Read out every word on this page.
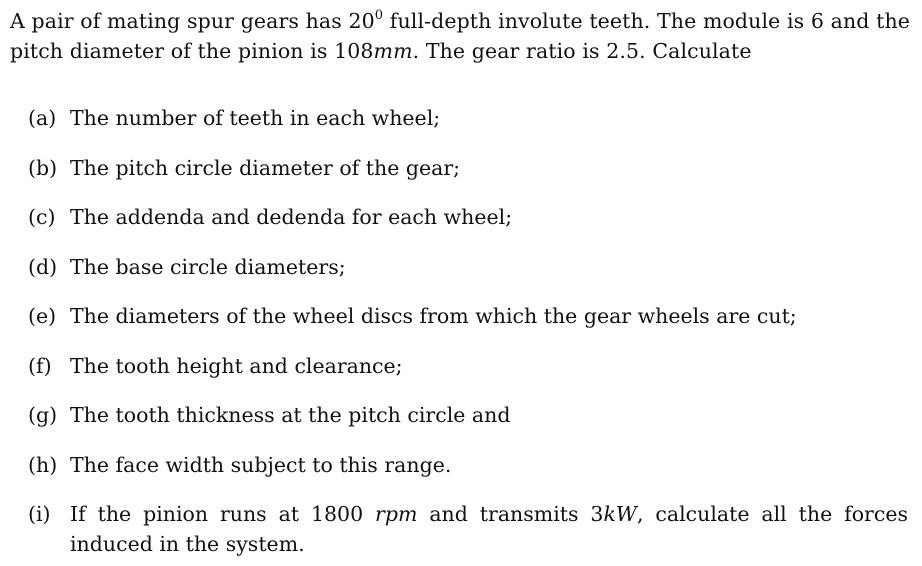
A pair of mating spur gears has $20^0$ full-depth involute teeth. The module is 6 and the pitch diameter of the pinion is 108mm. The gear ratio is 2.5. Calculate

(a) The number of teeth in each wheel;
(b) The pitch circle diameter of the gear;
(c) The addenda and dedenda for each wheel;
(d) The base circle diameters;
(e) The diameters of the wheel discs from which the gear wheels are cut;
(f) The tooth height and clearance;
(g) The tooth thickness at the pitch circle and
(h) The face width subject to this range.
(i) If the pinion runs at 1800 rpm and transmits 3kW, calculate all the forces induced in the system.
